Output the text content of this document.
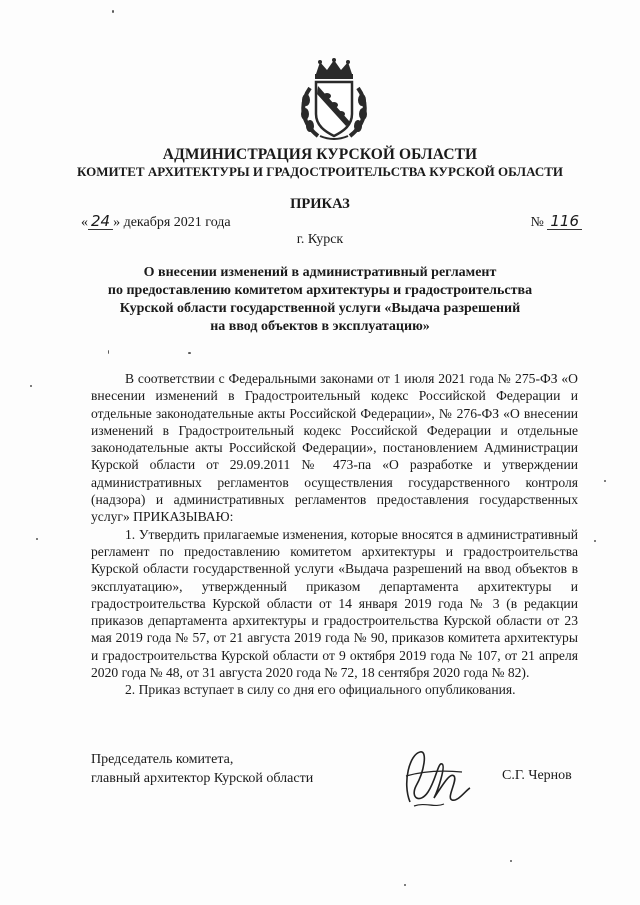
АДМИНИСТРАЦИЯ КУРСКОЙ ОБЛАСТИ
КОМИТЕТ АРХИТЕКТУРЫ И ГРАДОСТРОИТЕЛЬСТВА КУРСКОЙ ОБЛАСТИ
ПРИКАЗ
« 24 » декабря 2021 года	№ 116
г. Курск
О внесении изменений в административный регламент
по предоставлению комитетом архитектуры и градостроительства
Курской области государственной услуги «Выдача разрешений
на ввод объектов в эксплуатацию»

В соответствии с Федеральными законами от 1 июля 2021 года № 275-ФЗ «О внесении изменений в Градостроительный кодекс Российской Федерации и отдельные законодательные акты Российской Федерации», № 276-ФЗ «О внесении изменений в Градостроительный кодекс Российской Федерации и отдельные законодательные акты Российской Федерации», постановлением Администрации Курской области от 29.09.2011 № 473-па «О разработке и утверждении административных регламентов осуществления государственного контроля (надзора) и административных регламентов предоставления государственных услуг» ПРИКАЗЫВАЮ:

1. Утвердить прилагаемые изменения, которые вносятся в административный регламент по предоставлению комитетом архитектуры и градостроительства Курской области государственной услуги «Выдача разрешений на ввод объектов в эксплуатацию», утвержденный приказом департамента архитектуры и градостроительства Курской области от 14 января 2019 года № 3 (в редакции приказов департамента архитектуры и градостроительства Курской области от 23 мая 2019 года № 57, от 21 августа 2019 года № 90, приказов комитета архитектуры и градостроительства Курской области от 9 октября 2019 года № 107, от 21 апреля 2020 года № 48, от 31 августа 2020 года № 72, 18 сентября 2020 года № 82).

2. Приказ вступает в силу со дня его официального опубликования.

Председатель комитета,
главный архитектор Курской области	С.Г. Чернов
